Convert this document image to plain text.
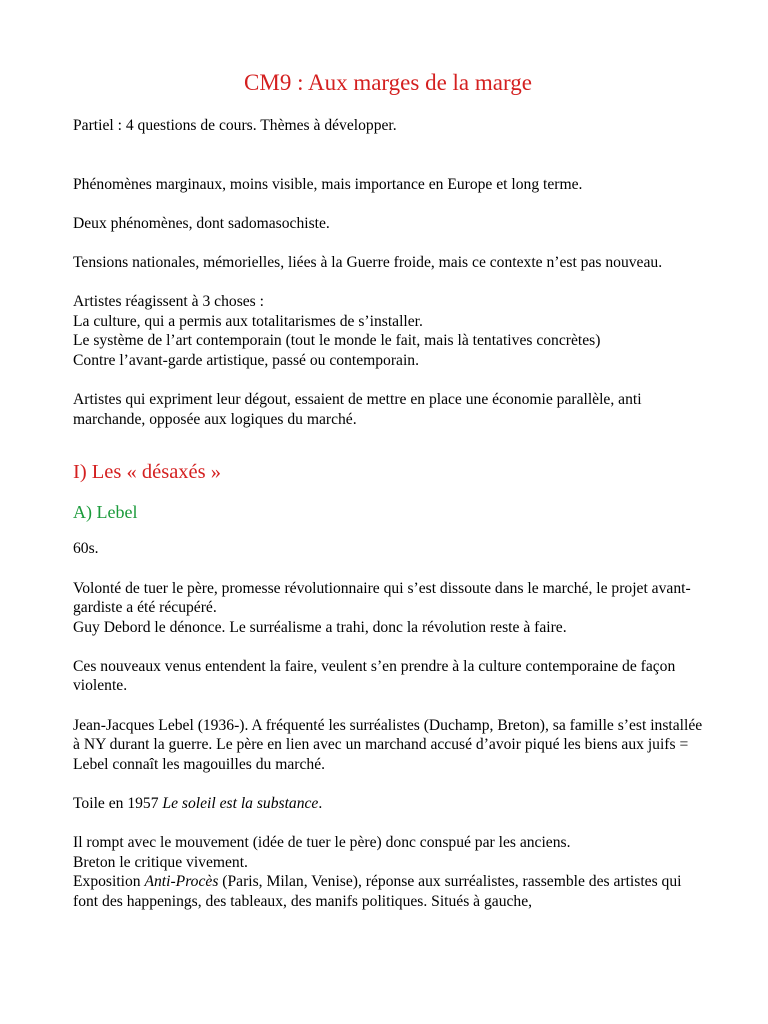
CM9 : Aux marges de la marge

Partiel : 4 questions de cours. Thèmes à développer.

Phénomènes marginaux, moins visible, mais importance en Europe et long terme.

Deux phénomènes, dont sadomasochiste.

Tensions nationales, mémorielles, liées à la Guerre froide, mais ce contexte n’est pas nouveau.

Artistes réagissent à 3 choses :

La culture, qui a permis aux totalitarismes de s’installer.

Le système de l’art contemporain (tout le monde le fait, mais là tentatives concrètes)

Contre l’avant-garde artistique, passé ou contemporain.

Artistes qui expriment leur dégout, essaient de mettre en place une économie parallèle, anti marchande, opposée aux logiques du marché.

I) Les « désaxés »
A) Lebel

60s.

Volonté de tuer le père, promesse révolutionnaire qui s’est dissoute dans le marché, le projet avant-gardiste a été récupéré.

Guy Debord le dénonce. Le surréalisme a trahi, donc la révolution reste à faire.

Ces nouveaux venus entendent la faire, veulent s’en prendre à la culture contemporaine de façon violente.

Jean-Jacques Lebel (1936-). A fréquenté les surréalistes (Duchamp, Breton), sa famille s’est installée à NY durant la guerre. Le père en lien avec un marchand accusé d’avoir piqué les biens aux juifs = Lebel connaît les magouilles du marché.

Toile en 1957 Le soleil est la substance.

Il rompt avec le mouvement (idée de tuer le père) donc conspué par les anciens.

Breton le critique vivement.

Exposition Anti-Procès (Paris, Milan, Venise), réponse aux surréalistes, rassemble des artistes qui font des happenings, des tableaux, des manifs politiques. Situés à gauche,
